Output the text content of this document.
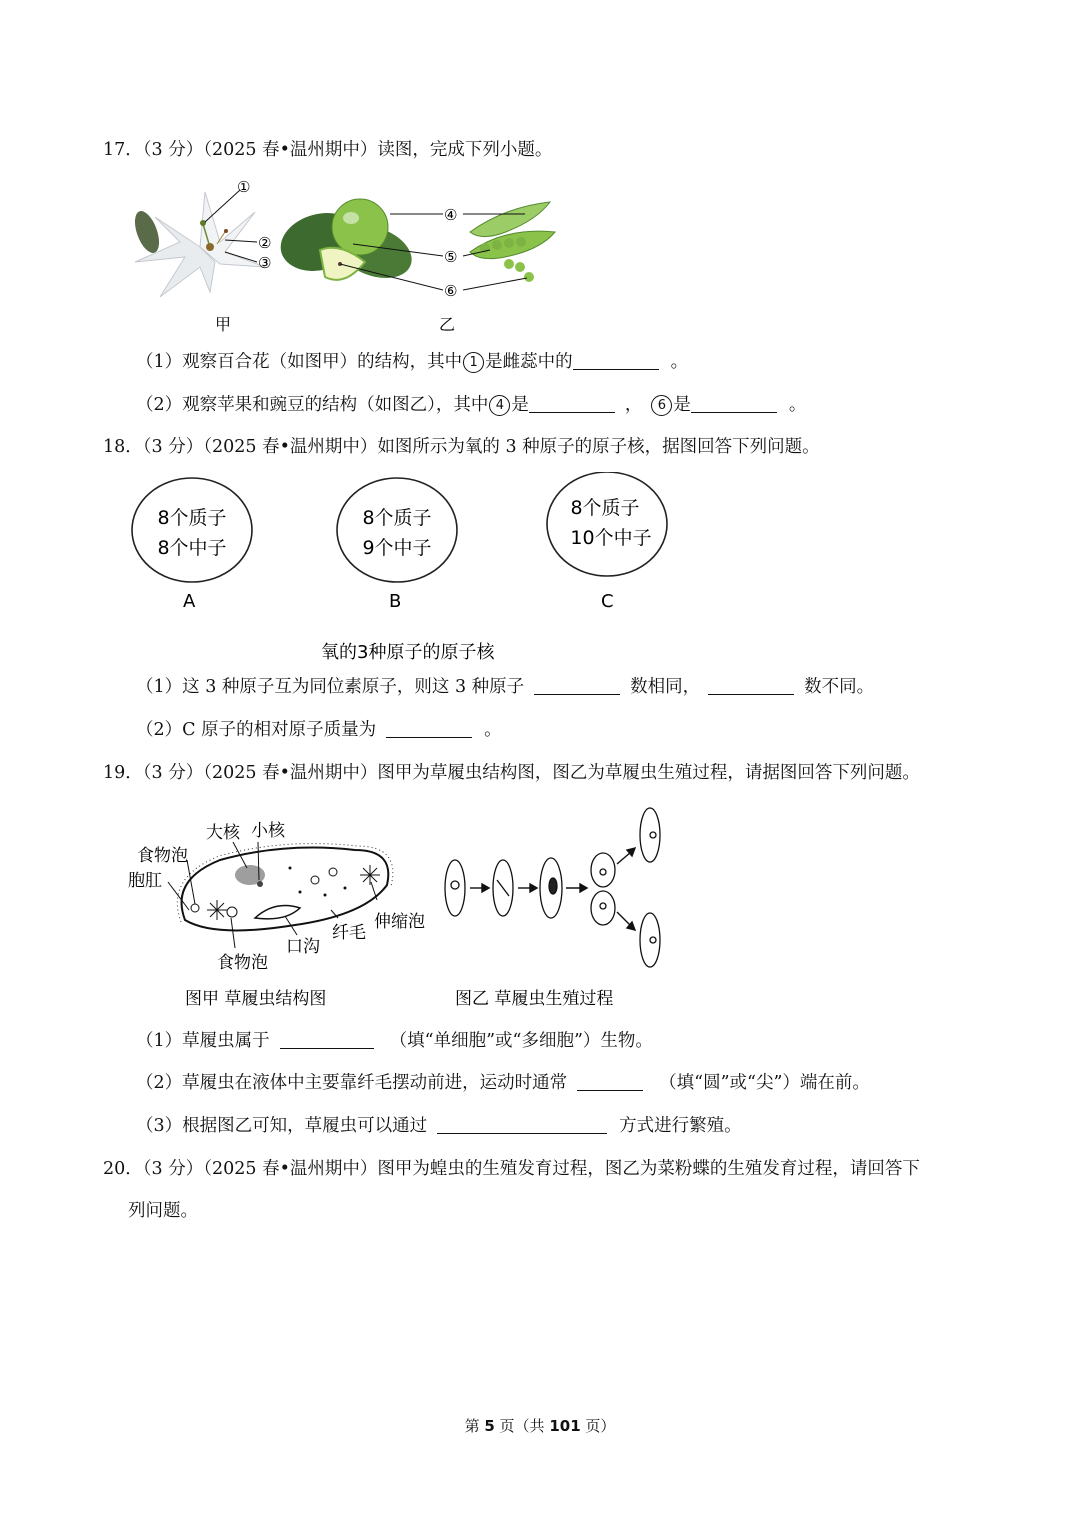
17．（3 分）（2025 春•温州期中）读图，完成下列小题。
①
②
③
甲
④
⑤
⑥
乙
（1）观察百合花（如图甲）的结构，其中 1 是雌蕊中的	。
（2）观察苹果和豌豆的结构（如图乙），其中 4 是	， 6 是	。
18．（3 分）（2025 春•温州期中）如图所示为氧的 3 种原子的原子核，据图回答下列问题。
8个质子
8个中子
A
8个质子
9个中子
B
8个质子
10个中子
C
氧的3种原子的原子核
（1）这 3 种原子互为同位素原子，则这 3 种原子	数相同，	数不同。
（2）C 原子的相对原子质量为	。
19．（3 分）（2025 春•温州期中）图甲为草履虫结构图，图乙为草履虫生殖过程，请据图回答下列问题。
大核 小核
食物泡
胞肛
伸缩泡
纤毛
口沟
食物泡
图甲 草履虫结构图	图乙 草履虫生殖过程
（1）草履虫属于	（填“单细胞”或“多细胞”）生物。
（2）草履虫在液体中主要靠纤毛摆动前进，运动时通常	（填“圆”或“尖”）端在前。
（3）根据图乙可知，草履虫可以通过	方式进行繁殖。
20．（3 分）（2025 春•温州期中）图甲为蝗虫的生殖发育过程，图乙为菜粉蝶的生殖发育过程，请回答下
列问题。
第 5 页（共 101 页）
